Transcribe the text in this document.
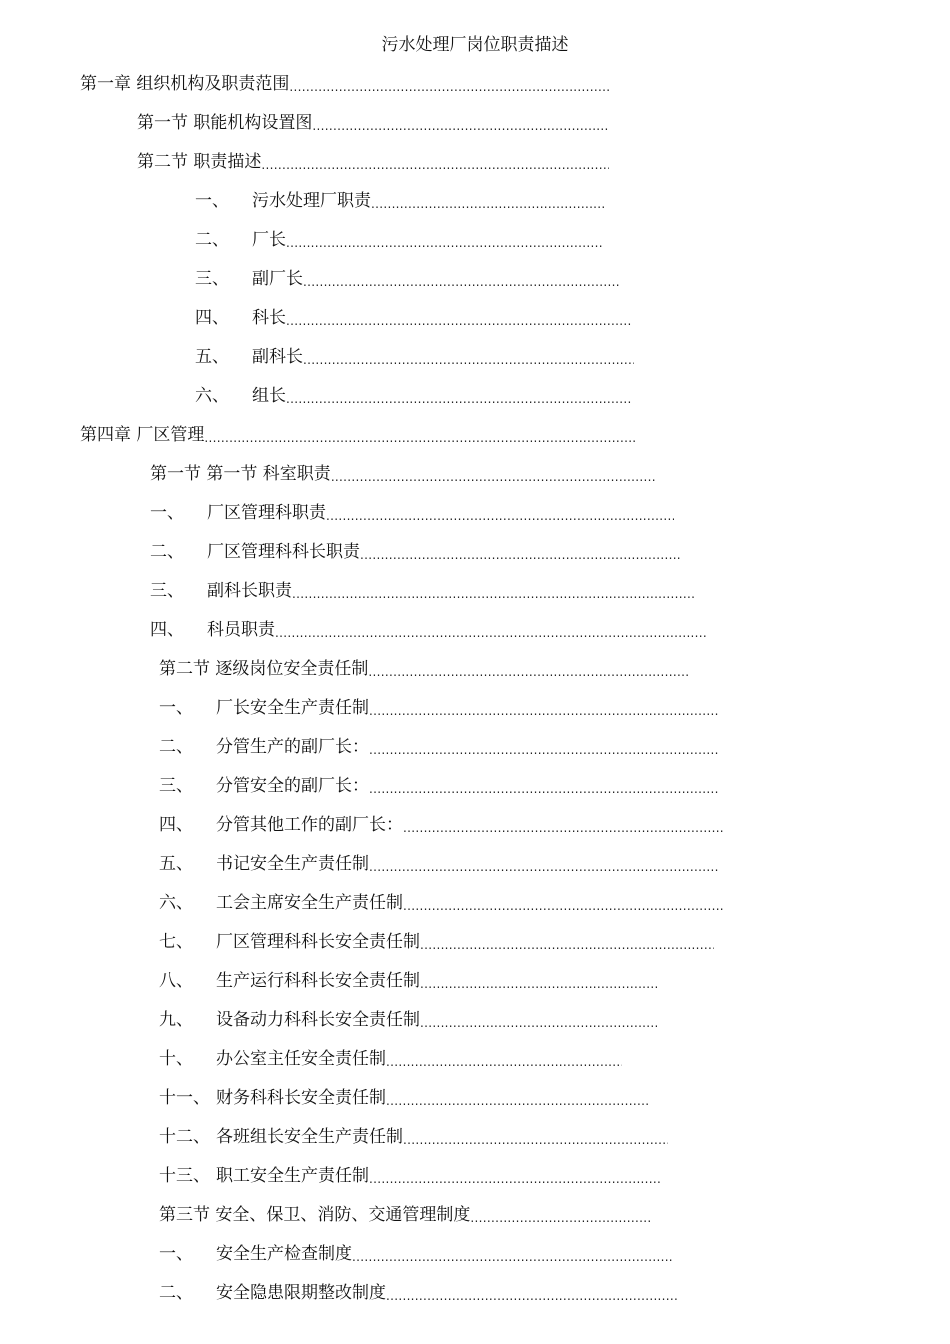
污水处理厂岗位职责描述
第一章 组织机构及职责范围
.....
第一节 职能机构设置图
.....
第二节 职责描述
.....
一、	污水处理厂职责
.....
二、	厂长
.....
三、	副厂长
.....
四、	科长
.....
五、	副科长
.....
六、	组长
.....
第四章 厂区管理
.....
第一节 第一节 科室职责
.....
一、	厂区管理科职责
.....
二、	厂区管理科科长职责
.....
三、	副科长职责
.....
四、	科员职责
.....
第二节 逐级岗位安全责任制
.....
一、	厂长安全生产责任制
.....
二、	分管生产的副厂长：
.....
三、	分管安全的副厂长：
.....
四、	分管其他工作的副厂长：
.....
五、	书记安全生产责任制
.....
六、	工会主席安全生产责任制
.....
七、	厂区管理科科长安全责任制
.....
八、	生产运行科科长安全责任制
.....
九、	设备动力科科长安全责任制
.....
十、	办公室主任安全责任制
.....
十一、 财务科科长安全责任制
.....
十二、 各班组长安全生产责任制
.....
十三、 职工安全生产责任制
.....
第三节 安全、保卫、消防、交通管理制度
.....
一、	安全生产检查制度
.....
二、	安全隐患限期整改制度
.....
